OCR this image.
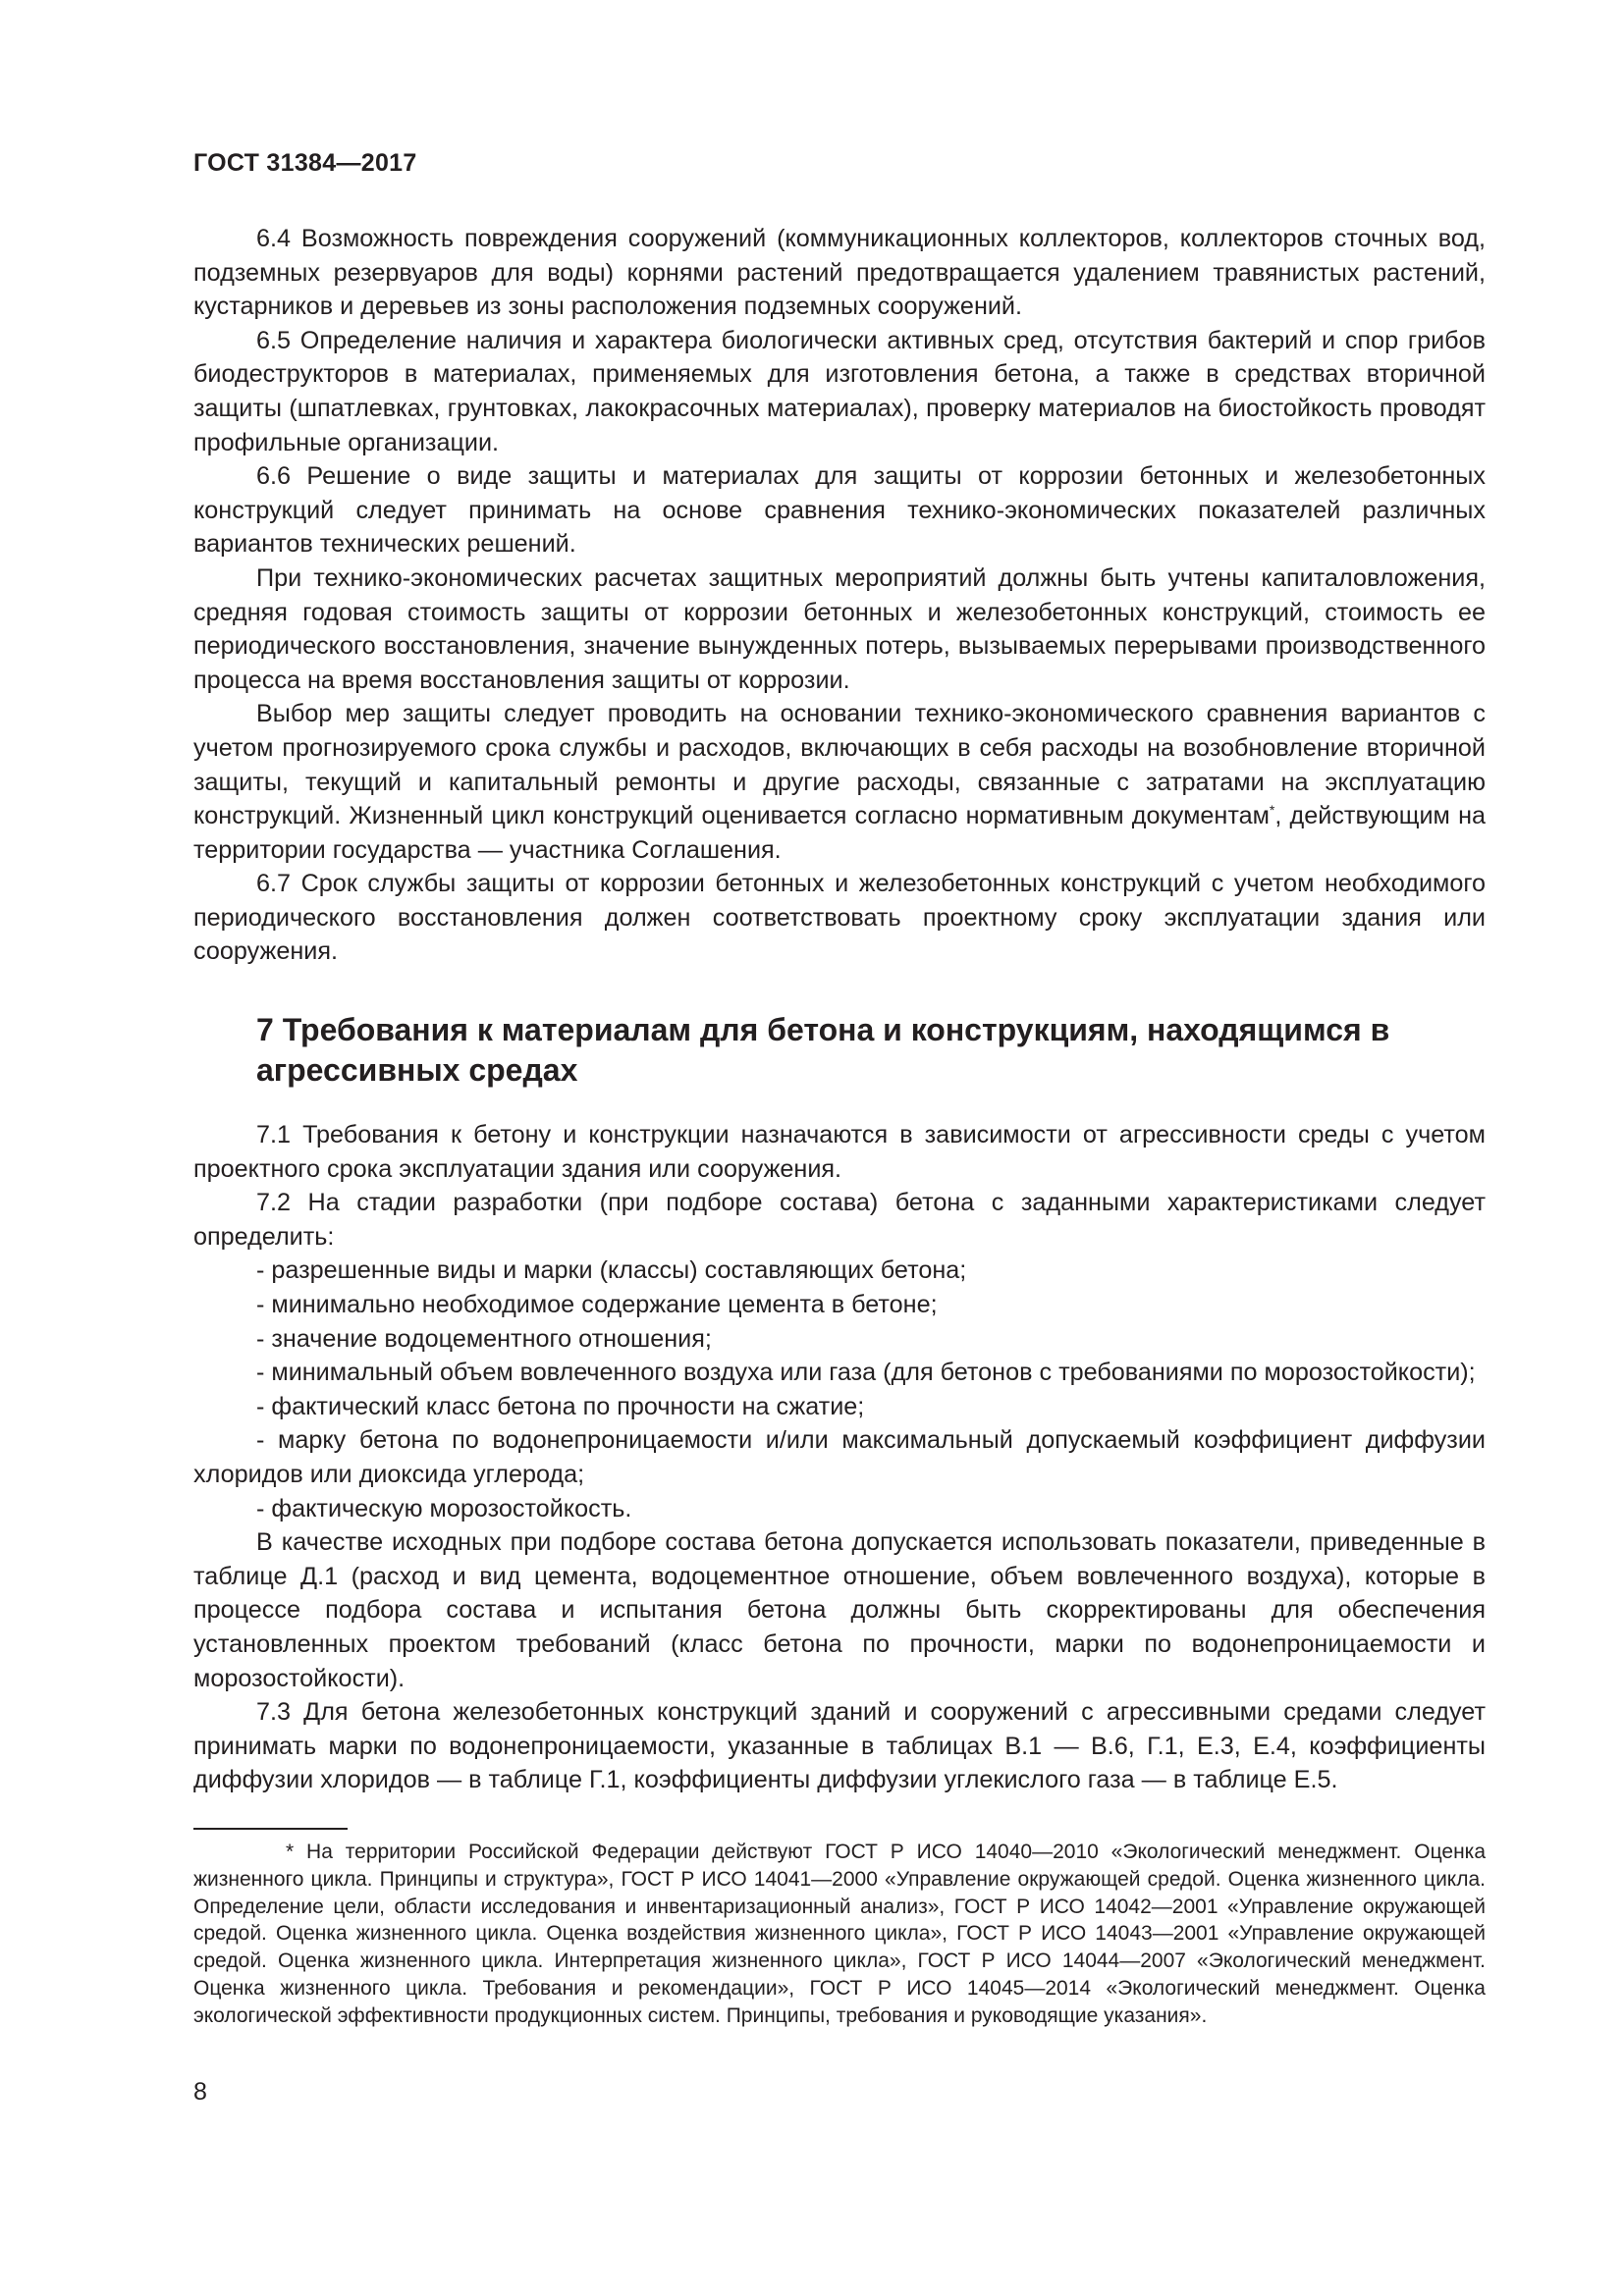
ГОСТ 31384—2017

6.4 Возможность повреждения сооружений (коммуникационных коллекторов, коллекторов сточных вод, подземных резервуаров для воды) корнями растений предотвращается удалением травянистых растений, кустарников и деревьев из зоны расположения подземных сооружений.

6.5 Определение наличия и характера биологически активных сред, отсутствия бактерий и спор грибов биодеструкторов в материалах, применяемых для изготовления бетона, а также в средствах вторичной защиты (шпатлевках, грунтовках, лакокрасочных материалах), проверку материалов на биостойкость проводят профильные организации.

6.6 Решение о виде защиты и материалах для защиты от коррозии бетонных и железобетонных конструкций следует принимать на основе сравнения технико-экономических показателей различных вариантов технических решений.

При технико-экономических расчетах защитных мероприятий должны быть учтены капиталовложения, средняя годовая стоимость защиты от коррозии бетонных и железобетонных конструкций, стоимость ее периодического восстановления, значение вынужденных потерь, вызываемых перерывами производственного процесса на время восстановления защиты от коррозии.

Выбор мер защиты следует проводить на основании технико-экономического сравнения вариантов с учетом прогнозируемого срока службы и расходов, включающих в себя расходы на возобновление вторичной защиты, текущий и капитальный ремонты и другие расходы, связанные с затратами на эксплуатацию конструкций. Жизненный цикл конструкций оценивается согласно нормативным документам*, действующим на территории государства — участника Соглашения.

6.7 Срок службы защиты от коррозии бетонных и железобетонных конструкций с учетом необходимого периодического восстановления должен соответствовать проектному сроку эксплуатации здания или сооружения.

7 Требования к материалам для бетона и конструкциям, находящимся в агрессивных средах

7.1 Требования к бетону и конструкции назначаются в зависимости от агрессивности среды с учетом проектного срока эксплуатации здания или сооружения.

7.2 На стадии разработки (при подборе состава) бетона с заданными характеристиками следует определить:

- разрешенные виды и марки (классы) составляющих бетона;

- минимально необходимое содержание цемента в бетоне;

- значение водоцементного отношения;

- минимальный объем вовлеченного воздуха или газа (для бетонов с требованиями по морозостойкости);

- фактический класс бетона по прочности на сжатие;

- марку бетона по водонепроницаемости и/или максимальный допускаемый коэффициент диффузии хлоридов или диоксида углерода;

- фактическую морозостойкость.

В качестве исходных при подборе состава бетона допускается использовать показатели, приведенные в таблице Д.1 (расход и вид цемента, водоцементное отношение, объем вовлеченного воздуха), которые в процессе подбора состава и испытания бетона должны быть скорректированы для обеспечения установленных проектом требований (класс бетона по прочности, марки по водонепроницаемости и морозостойкости).

7.3 Для бетона железобетонных конструкций зданий и сооружений с агрессивными средами следует принимать марки по водонепроницаемости, указанные в таблицах В.1 — В.6, Г.1, Е.3, Е.4, коэффициенты диффузии хлоридов — в таблице Г.1, коэффициенты диффузии углекислого газа — в таблице Е.5.

* На территории Российской Федерации действуют ГОСТ Р ИСО 14040—2010 «Экологический менеджмент. Оценка жизненного цикла. Принципы и структура», ГОСТ Р ИСО 14041—2000 «Управление окружающей средой. Оценка жизненного цикла. Определение цели, области исследования и инвентаризационный анализ», ГОСТ Р ИСО 14042—2001 «Управление окружающей средой. Оценка жизненного цикла. Оценка воздействия жизненного цикла», ГОСТ Р ИСО 14043—2001 «Управление окружающей средой. Оценка жизненного цикла. Интерпретация жизненного цикла», ГОСТ Р ИСО 14044—2007 «Экологический менеджмент. Оценка жизненного цикла. Требования и рекомендации», ГОСТ Р ИСО 14045—2014 «Экологический менеджмент. Оценка экологической эффективности продукционных систем. Принципы, требования и руководящие указания».

8
